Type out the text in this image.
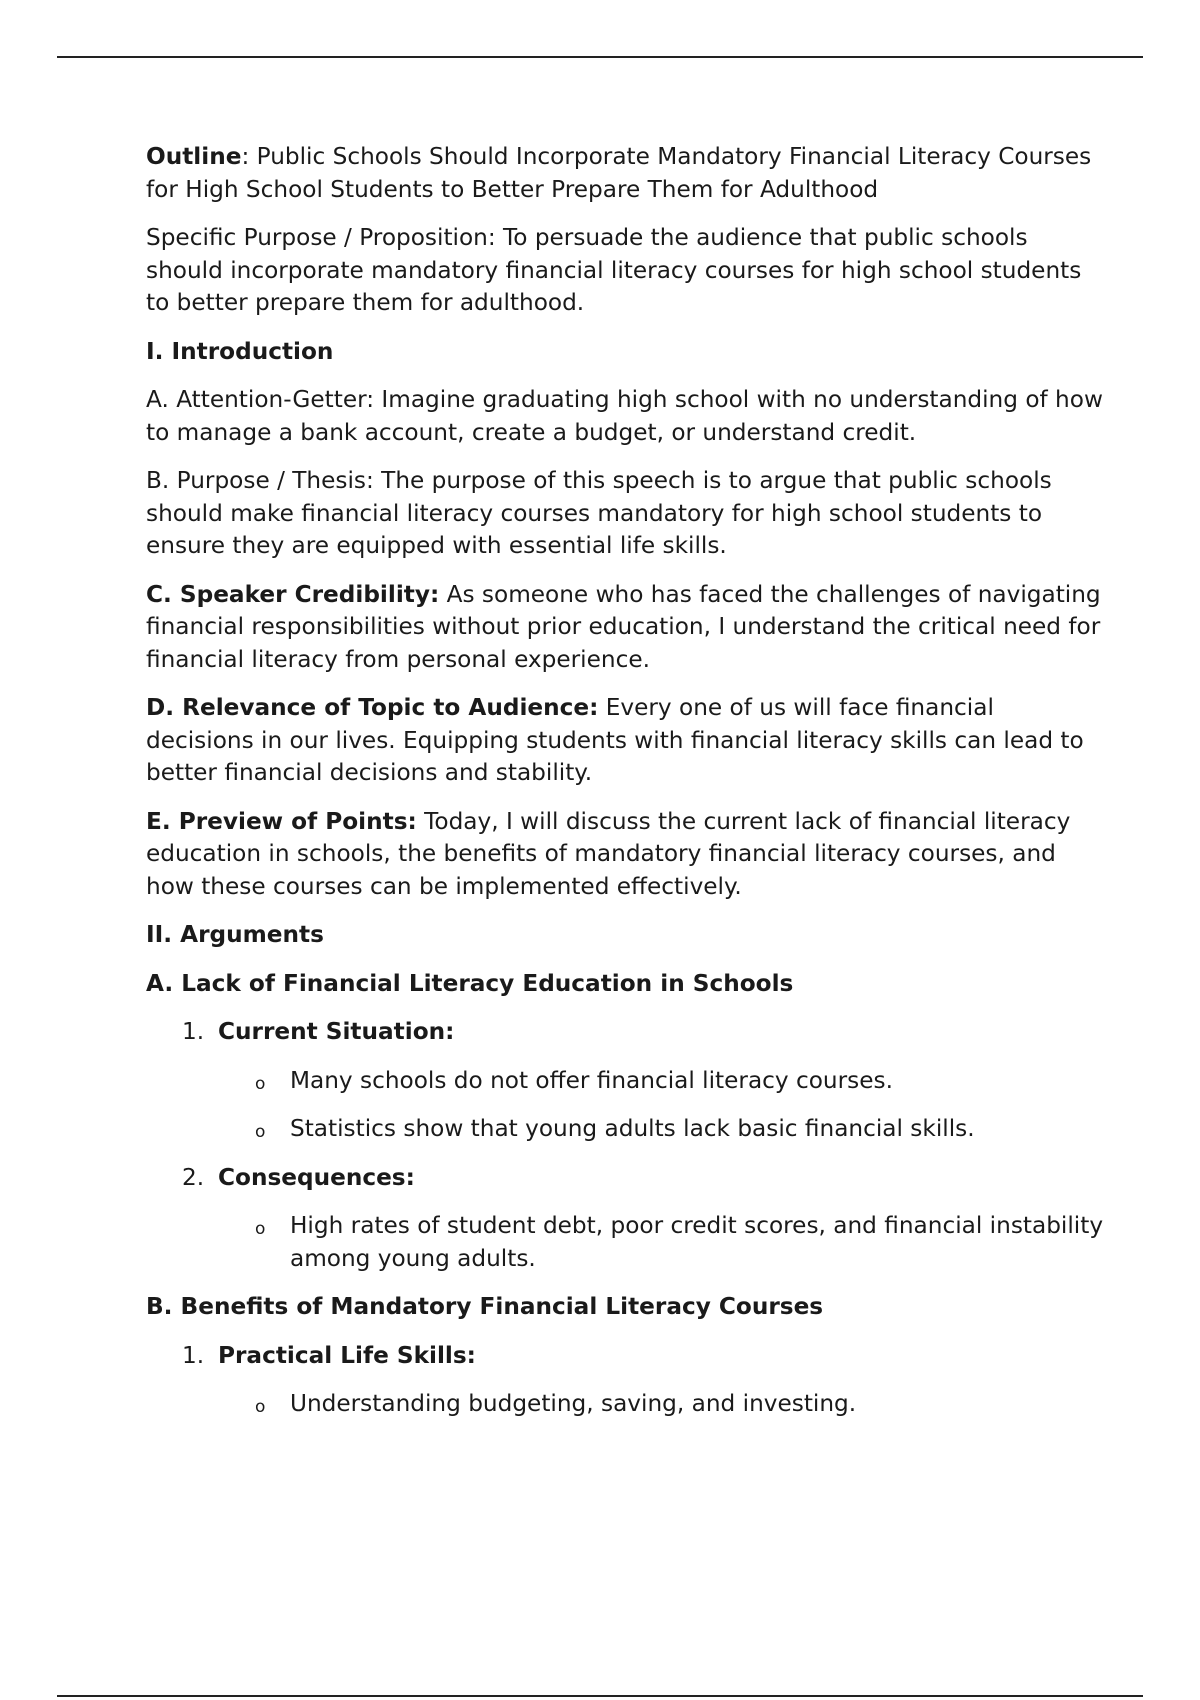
Outline: Public Schools Should Incorporate Mandatory Financial Literacy Courses for High School Students to Better Prepare Them for Adulthood

Specific Purpose / Proposition: To persuade the audience that public schools should incorporate mandatory financial literacy courses for high school students to better prepare them for adulthood.

I. Introduction

A. Attention-Getter: Imagine graduating high school with no understanding of how to manage a bank account, create a budget, or understand credit.

B. Purpose / Thesis: The purpose of this speech is to argue that public schools should make financial literacy courses mandatory for high school students to ensure they are equipped with essential life skills.

C. Speaker Credibility: As someone who has faced the challenges of navigating financial responsibilities without prior education, I understand the critical need for financial literacy from personal experience.

D. Relevance of Topic to Audience: Every one of us will face financial decisions in our lives. Equipping students with financial literacy skills can lead to better financial decisions and stability.

E. Preview of Points: Today, I will discuss the current lack of financial literacy education in schools, the benefits of mandatory financial literacy courses, and how these courses can be implemented effectively.

II. Arguments

A. Lack of Financial Literacy Education in Schools

1. Current Situation:
o Many schools do not offer financial literacy courses.
o Statistics show that young adults lack basic financial skills.
2. Consequences:
o High rates of student debt, poor credit scores, and financial instability among young adults.

B. Benefits of Mandatory Financial Literacy Courses

1. Practical Life Skills:
o Understanding budgeting, saving, and investing.
